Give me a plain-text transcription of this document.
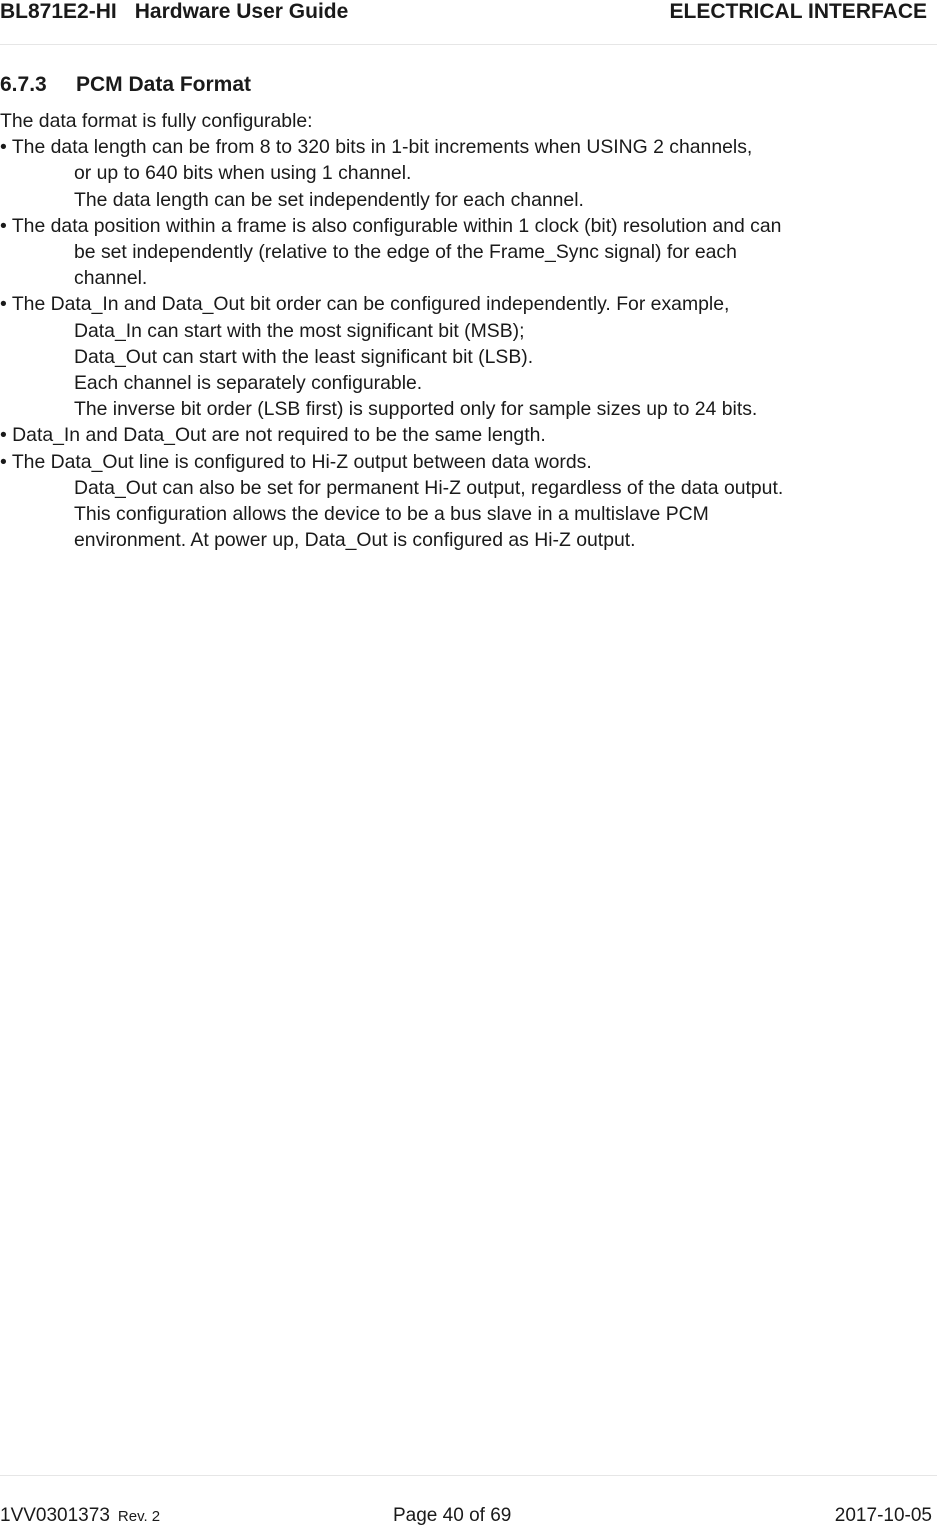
BL871E2-HI Hardware User Guide	ELECTRICAL INTERFACE
6.7.3 PCM Data Format

The data format is fully configurable:

• The data length can be from 8 to 320 bits in 1-bit increments when USING 2 channels,

or up to 640 bits when using 1 channel.

The data length can be set independently for each channel.

• The data position within a frame is also configurable within 1 clock (bit) resolution and can

be set independently (relative to the edge of the Frame_Sync signal) for each

channel.

• The Data_In and Data_Out bit order can be configured independently. For example,

Data_In can start with the most significant bit (MSB);

Data_Out can start with the least significant bit (LSB).

Each channel is separately configurable.

The inverse bit order (LSB first) is supported only for sample sizes up to 24 bits.

• Data_In and Data_Out are not required to be the same length.

• The Data_Out line is configured to Hi-Z output between data words.

Data_Out can also be set for permanent Hi-Z output, regardless of the data output.

This configuration allows the device to be a bus slave in a multislave PCM

environment. At power up, Data_Out is configured as Hi-Z output.

1VV0301373 Rev. 2	Page 40 of 69	2017-10-05
